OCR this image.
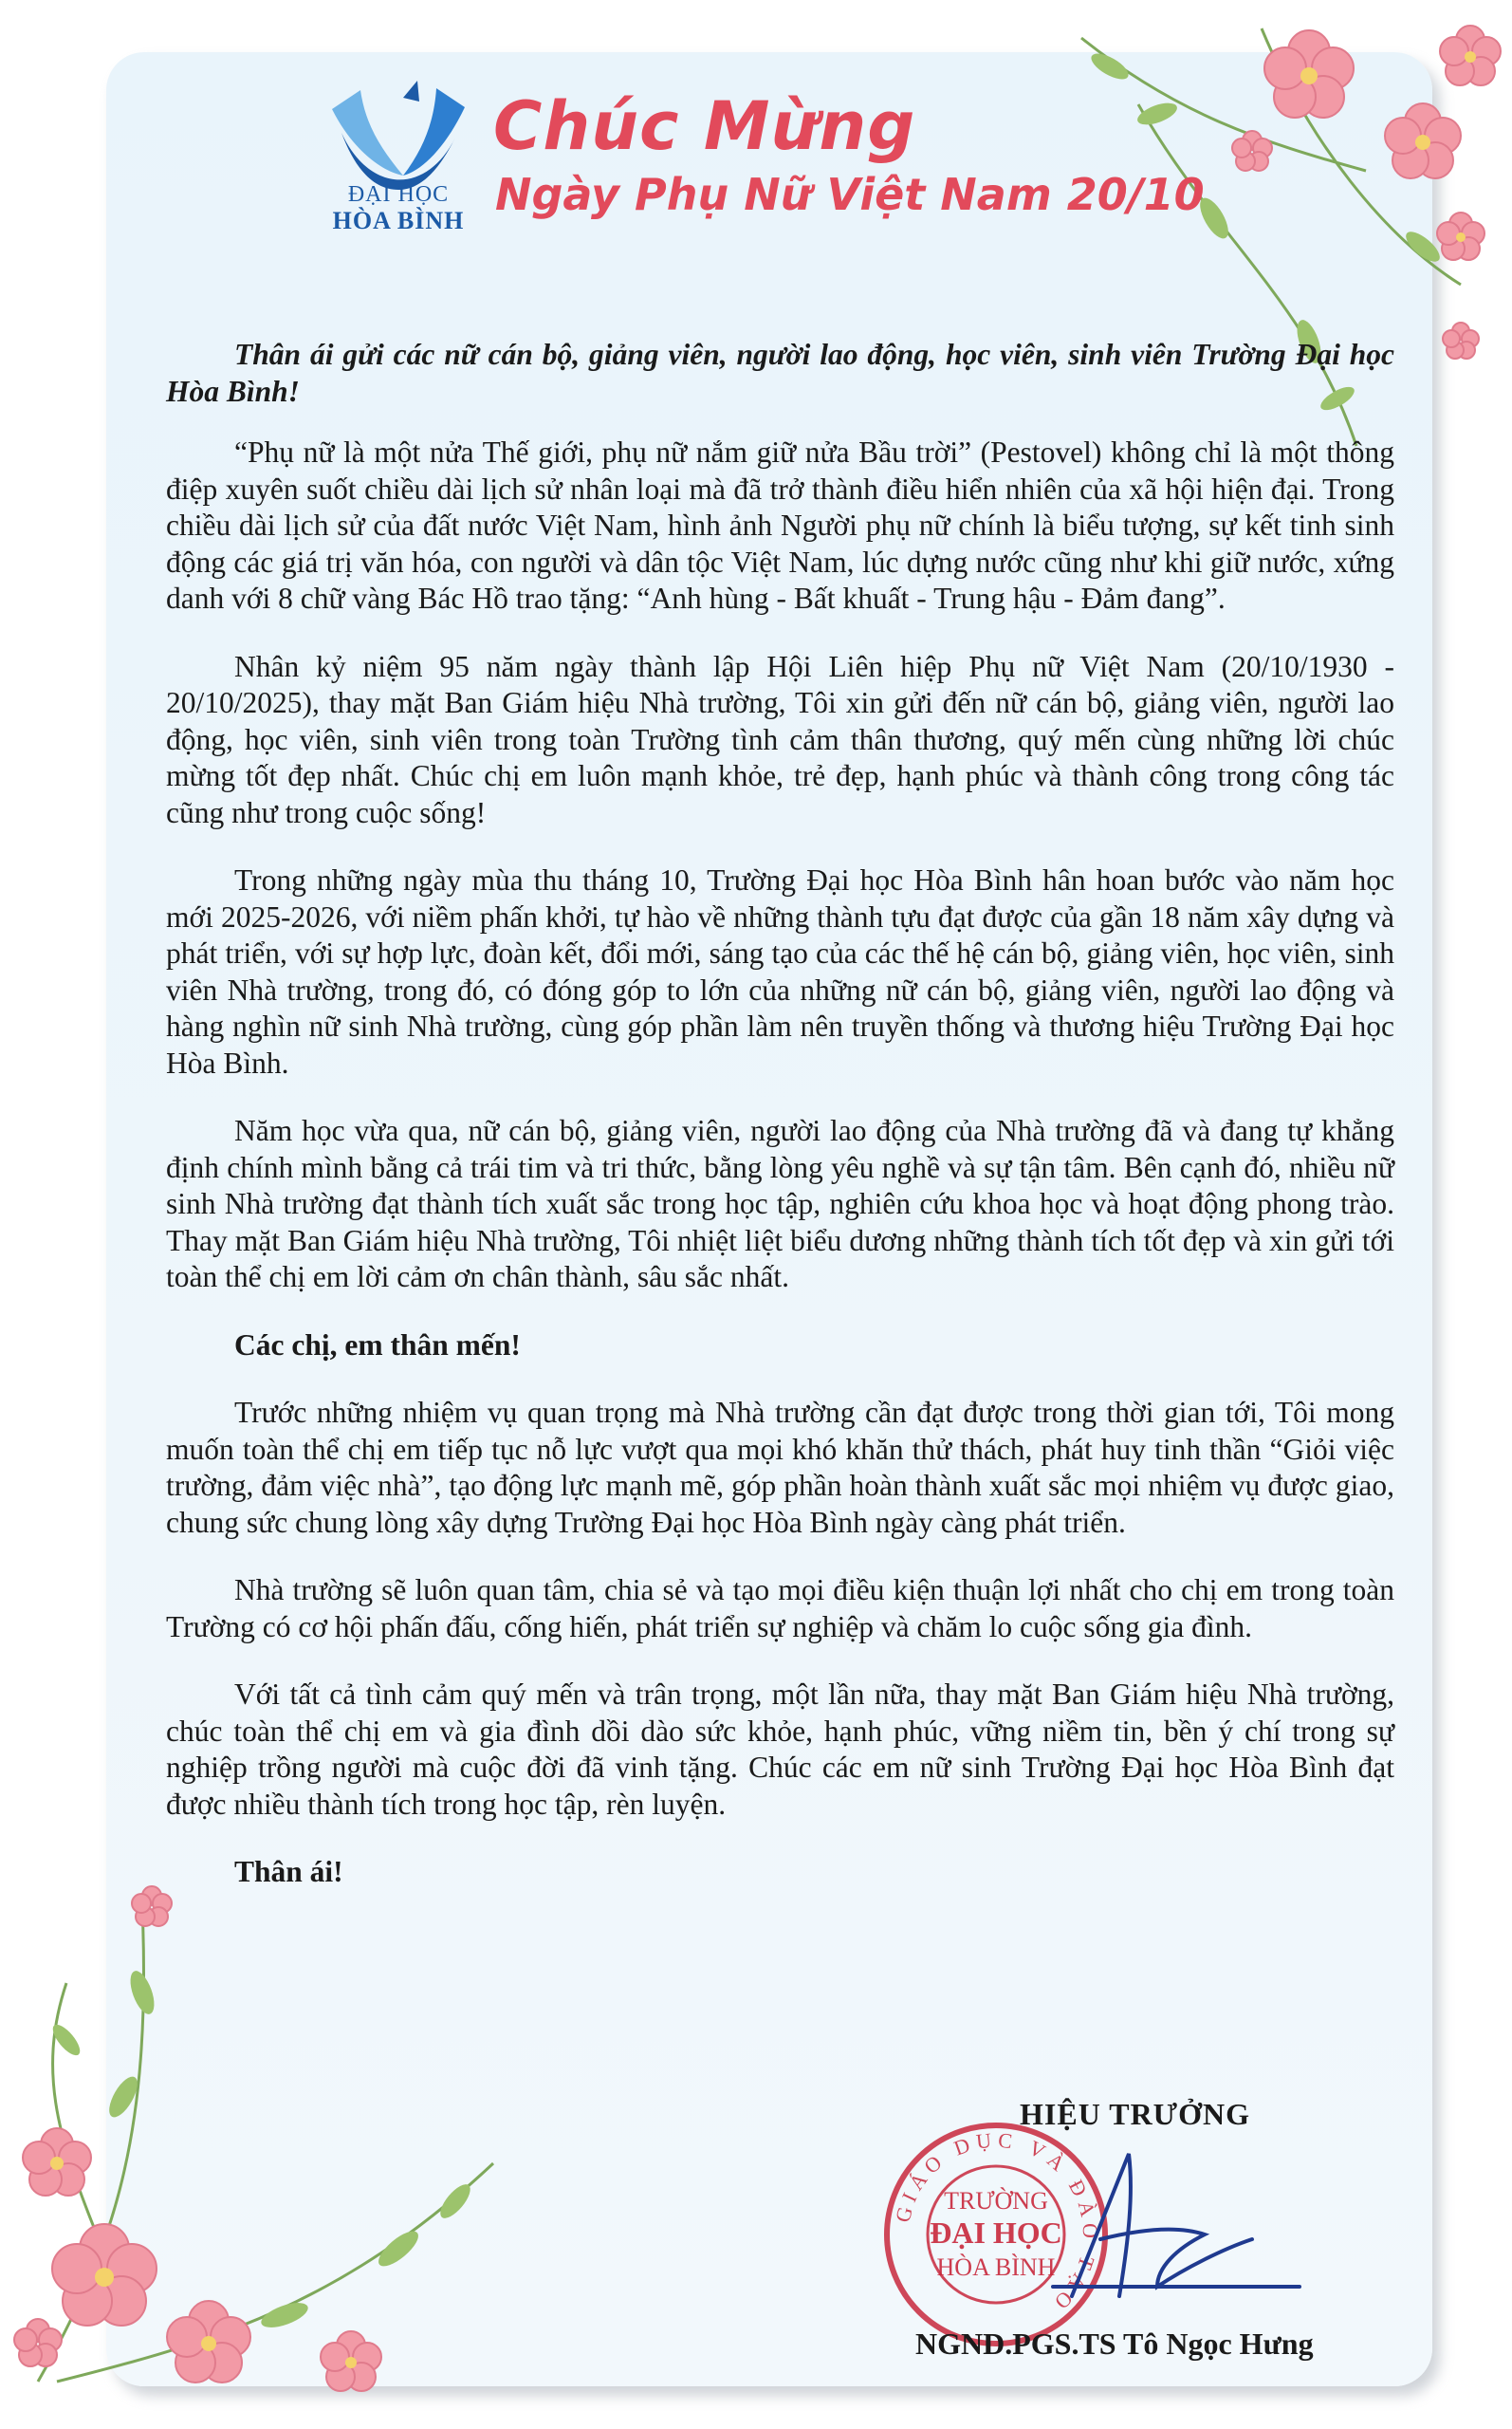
ĐẠI HỌC
HÒA BÌNH
Chúc Mừng
Ngày Phụ Nữ Việt Nam 20/10

Thân ái gửi các nữ cán bộ, giảng viên, người lao động, học viên, sinh viên Trường Đại học Hòa Bình!

“Phụ nữ là một nửa Thế giới, phụ nữ nắm giữ nửa Bầu trời” (Pestovel) không chỉ là một thông điệp xuyên suốt chiều dài lịch sử nhân loại mà đã trở thành điều hiển nhiên của xã hội hiện đại. Trong chiều dài lịch sử của đất nước Việt Nam, hình ảnh Người phụ nữ chính là biểu tượng, sự kết tinh sinh động các giá trị văn hóa, con người và dân tộc Việt Nam, lúc dựng nước cũng như khi giữ nước, xứng danh với 8 chữ vàng Bác Hồ trao tặng: “Anh hùng - Bất khuất - Trung hậu - Đảm đang”.

Nhân kỷ niệm 95 năm ngày thành lập Hội Liên hiệp Phụ nữ Việt Nam (20/10/1930 - 20/10/2025), thay mặt Ban Giám hiệu Nhà trường, Tôi xin gửi đến nữ cán bộ, giảng viên, người lao động, học viên, sinh viên trong toàn Trường tình cảm thân thương, quý mến cùng những lời chúc mừng tốt đẹp nhất. Chúc chị em luôn mạnh khỏe, trẻ đẹp, hạnh phúc và thành công trong công tác cũng như trong cuộc sống!

Trong những ngày mùa thu tháng 10, Trường Đại học Hòa Bình hân hoan bước vào năm học mới 2025-2026, với niềm phấn khởi, tự hào về những thành tựu đạt được của gần 18 năm xây dựng và phát triển, với sự hợp lực, đoàn kết, đổi mới, sáng tạo của các thế hệ cán bộ, giảng viên, học viên, sinh viên Nhà trường, trong đó, có đóng góp to lớn của những nữ cán bộ, giảng viên, người lao động và hàng nghìn nữ sinh Nhà trường, cùng góp phần làm nên truyền thống và thương hiệu Trường Đại học Hòa Bình.

Năm học vừa qua, nữ cán bộ, giảng viên, người lao động của Nhà trường đã và đang tự khẳng định chính mình bằng cả trái tim và tri thức, bằng lòng yêu nghề và sự tận tâm. Bên cạnh đó, nhiều nữ sinh Nhà trường đạt thành tích xuất sắc trong học tập, nghiên cứu khoa học và hoạt động phong trào. Thay mặt Ban Giám hiệu Nhà trường, Tôi nhiệt liệt biểu dương những thành tích tốt đẹp và xin gửi tới toàn thể chị em lời cảm ơn chân thành, sâu sắc nhất.

Các chị, em thân mến!

Trước những nhiệm vụ quan trọng mà Nhà trường cần đạt được trong thời gian tới, Tôi mong muốn toàn thể chị em tiếp tục nỗ lực vượt qua mọi khó khăn thử thách, phát huy tinh thần “Giỏi việc trường, đảm việc nhà”, tạo động lực mạnh mẽ, góp phần hoàn thành xuất sắc mọi nhiệm vụ được giao, chung sức chung lòng xây dựng Trường Đại học Hòa Bình ngày càng phát triển.

Nhà trường sẽ luôn quan tâm, chia sẻ và tạo mọi điều kiện thuận lợi nhất cho chị em trong toàn Trường có cơ hội phấn đấu, cống hiến, phát triển sự nghiệp và chăm lo cuộc sống gia đình.

Với tất cả tình cảm quý mến và trân trọng, một lần nữa, thay mặt Ban Giám hiệu Nhà trường, chúc toàn thể chị em và gia đình dồi dào sức khỏe, hạnh phúc, vững niềm tin, bền ý chí trong sự nghiệp trồng người mà cuộc đời đã vinh tặng. Chúc các em nữ sinh Trường Đại học Hòa Bình đạt được nhiều thành tích trong học tập, rèn luyện.

Thân ái!

HIỆU TRƯỞNG
GIÁO DỤC VÀ ĐÀO TẠO
TRƯỜNG
ĐẠI HỌC
HÒA BÌNH
NGND.PGS.TS Tô Ngọc Hưng
